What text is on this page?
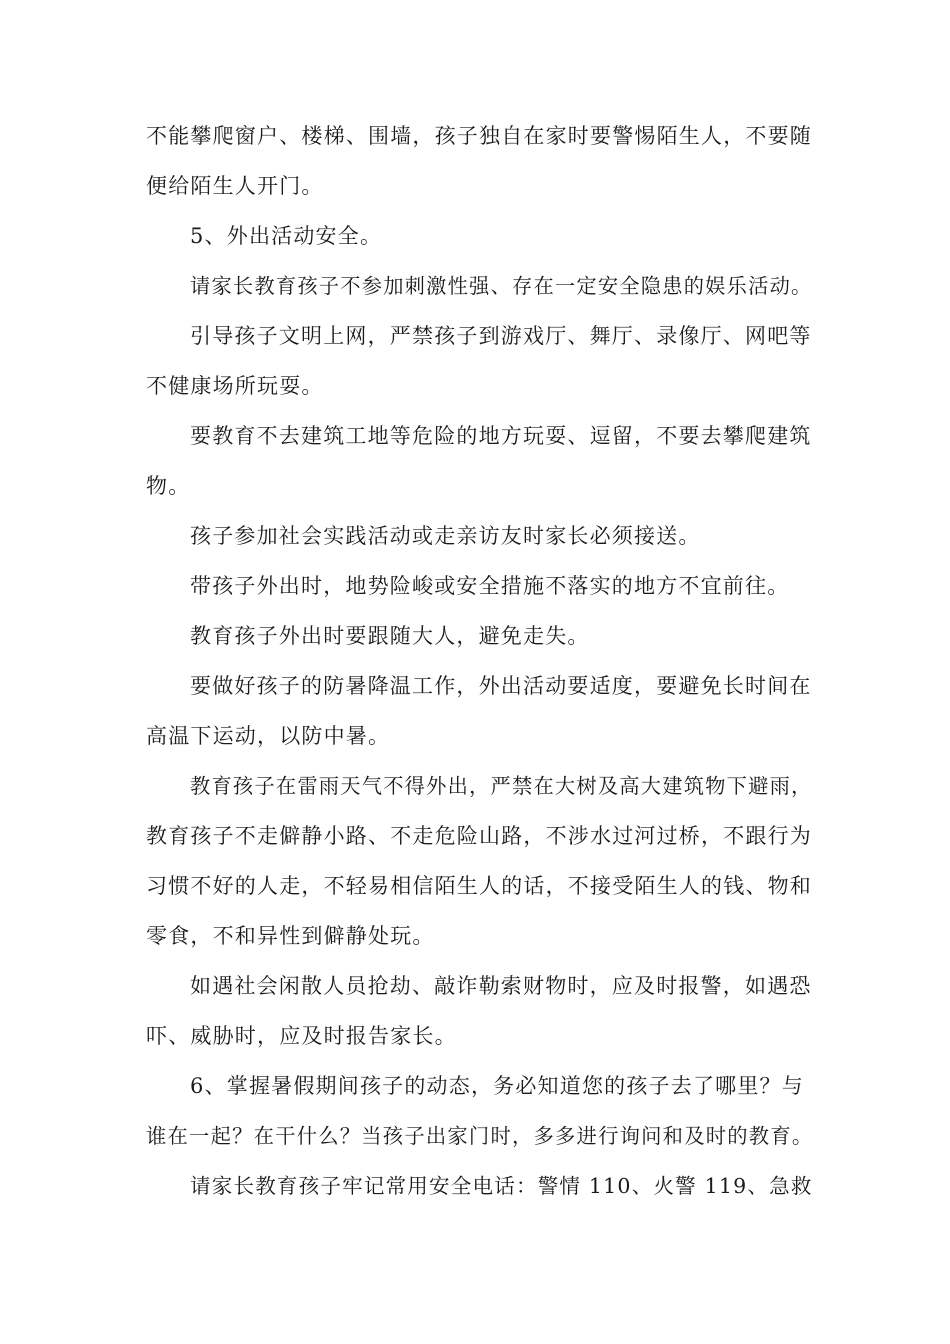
不能攀爬窗户、楼梯、围墙，孩子独自在家时要警惕陌生人，不要随
便给陌生人开门。
5、外出活动安全。
请家长教育孩子不参加刺激性强、存在一定安全隐患的娱乐活动。
引导孩子文明上网，严禁孩子到游戏厅、舞厅、录像厅、网吧等
不健康场所玩耍。
要教育不去建筑工地等危险的地方玩耍、逗留，不要去攀爬建筑
物。
孩子参加社会实践活动或走亲访友时家长必须接送。
带孩子外出时，地势险峻或安全措施不落实的地方不宜前往。
教育孩子外出时要跟随大人，避免走失。
要做好孩子的防暑降温工作，外出活动要适度，要避免长时间在
高温下运动，以防中暑。
教育孩子在雷雨天气不得外出，严禁在大树及高大建筑物下避雨，
教育孩子不走僻静小路、不走危险山路，不涉水过河过桥，不跟行为
习惯不好的人走，不轻易相信陌生人的话，不接受陌生人的钱、物和
零食，不和异性到僻静处玩。
如遇社会闲散人员抢劫、敲诈勒索财物时，应及时报警，如遇恐
吓、威胁时，应及时报告家长。
6、掌握暑假期间孩子的动态，务必知道您的孩子去了哪里？与
谁在一起？在干什么？当孩子出家门时，多多进行询问和及时的教育。
请家长教育孩子牢记常用安全电话：警情 110、火警 119、急救
